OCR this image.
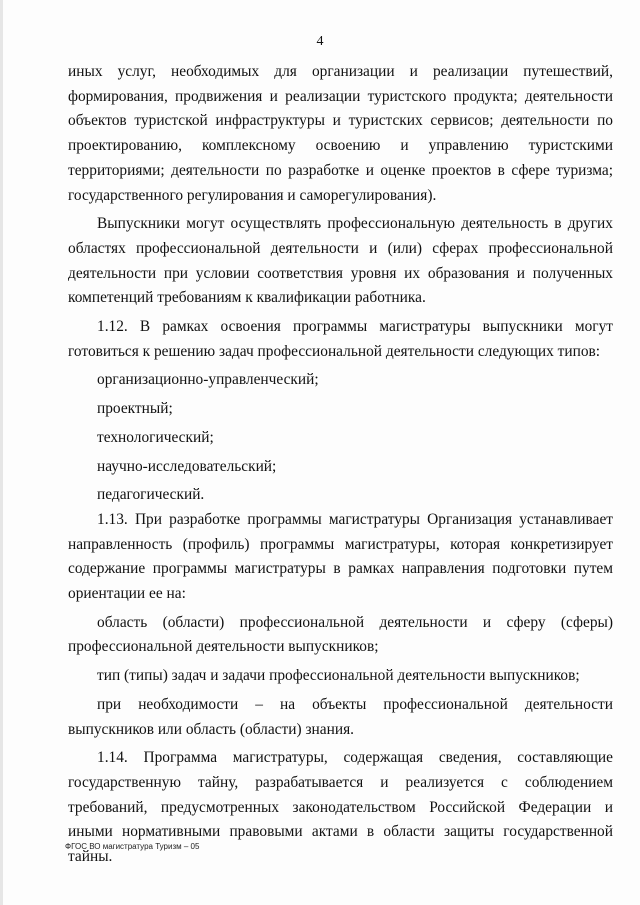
4

иных услуг, необходимых для организации и реализации путешествий, формирования, продвижения и реализации туристского продукта; деятельности объектов туристской инфраструктуры и туристских сервисов; деятельности по проектированию, комплексному освоению и управлению туристскими территориями; деятельности по разработке и оценке проектов в сфере туризма; государственного регулирования и саморегулирования).

Выпускники могут осуществлять профессиональную деятельность в других областях профессиональной деятельности и (или) сферах профессиональной деятельности при условии соответствия уровня их образования и полученных компетенций требованиям к квалификации работника.

1.12. В рамках освоения программы магистратуры выпускники могут готовиться к решению задач профессиональной деятельности следующих типов:

организационно-управленческий;

проектный;

технологический;

научно-исследовательский;

педагогический.

1.13. При разработке программы магистратуры Организация устанавливает направленность (профиль) программы магистратуры, которая конкретизирует содержание программы магистратуры в рамках направления подготовки путем ориентации ее на:

область (области) профессиональной деятельности и сферу (сферы) профессиональной деятельности выпускников;

тип (типы) задач и задачи профессиональной деятельности выпускников;

при необходимости – на объекты профессиональной деятельности выпускников или область (области) знания.

1.14. Программа магистратуры, содержащая сведения, составляющие государственную тайну, разрабатывается и реализуется с соблюдением требований, предусмотренных законодательством Российской Федерации и иными нормативными правовыми актами в области защиты государственной тайны.

ФГОС ВО магистратура Туризм – 05
